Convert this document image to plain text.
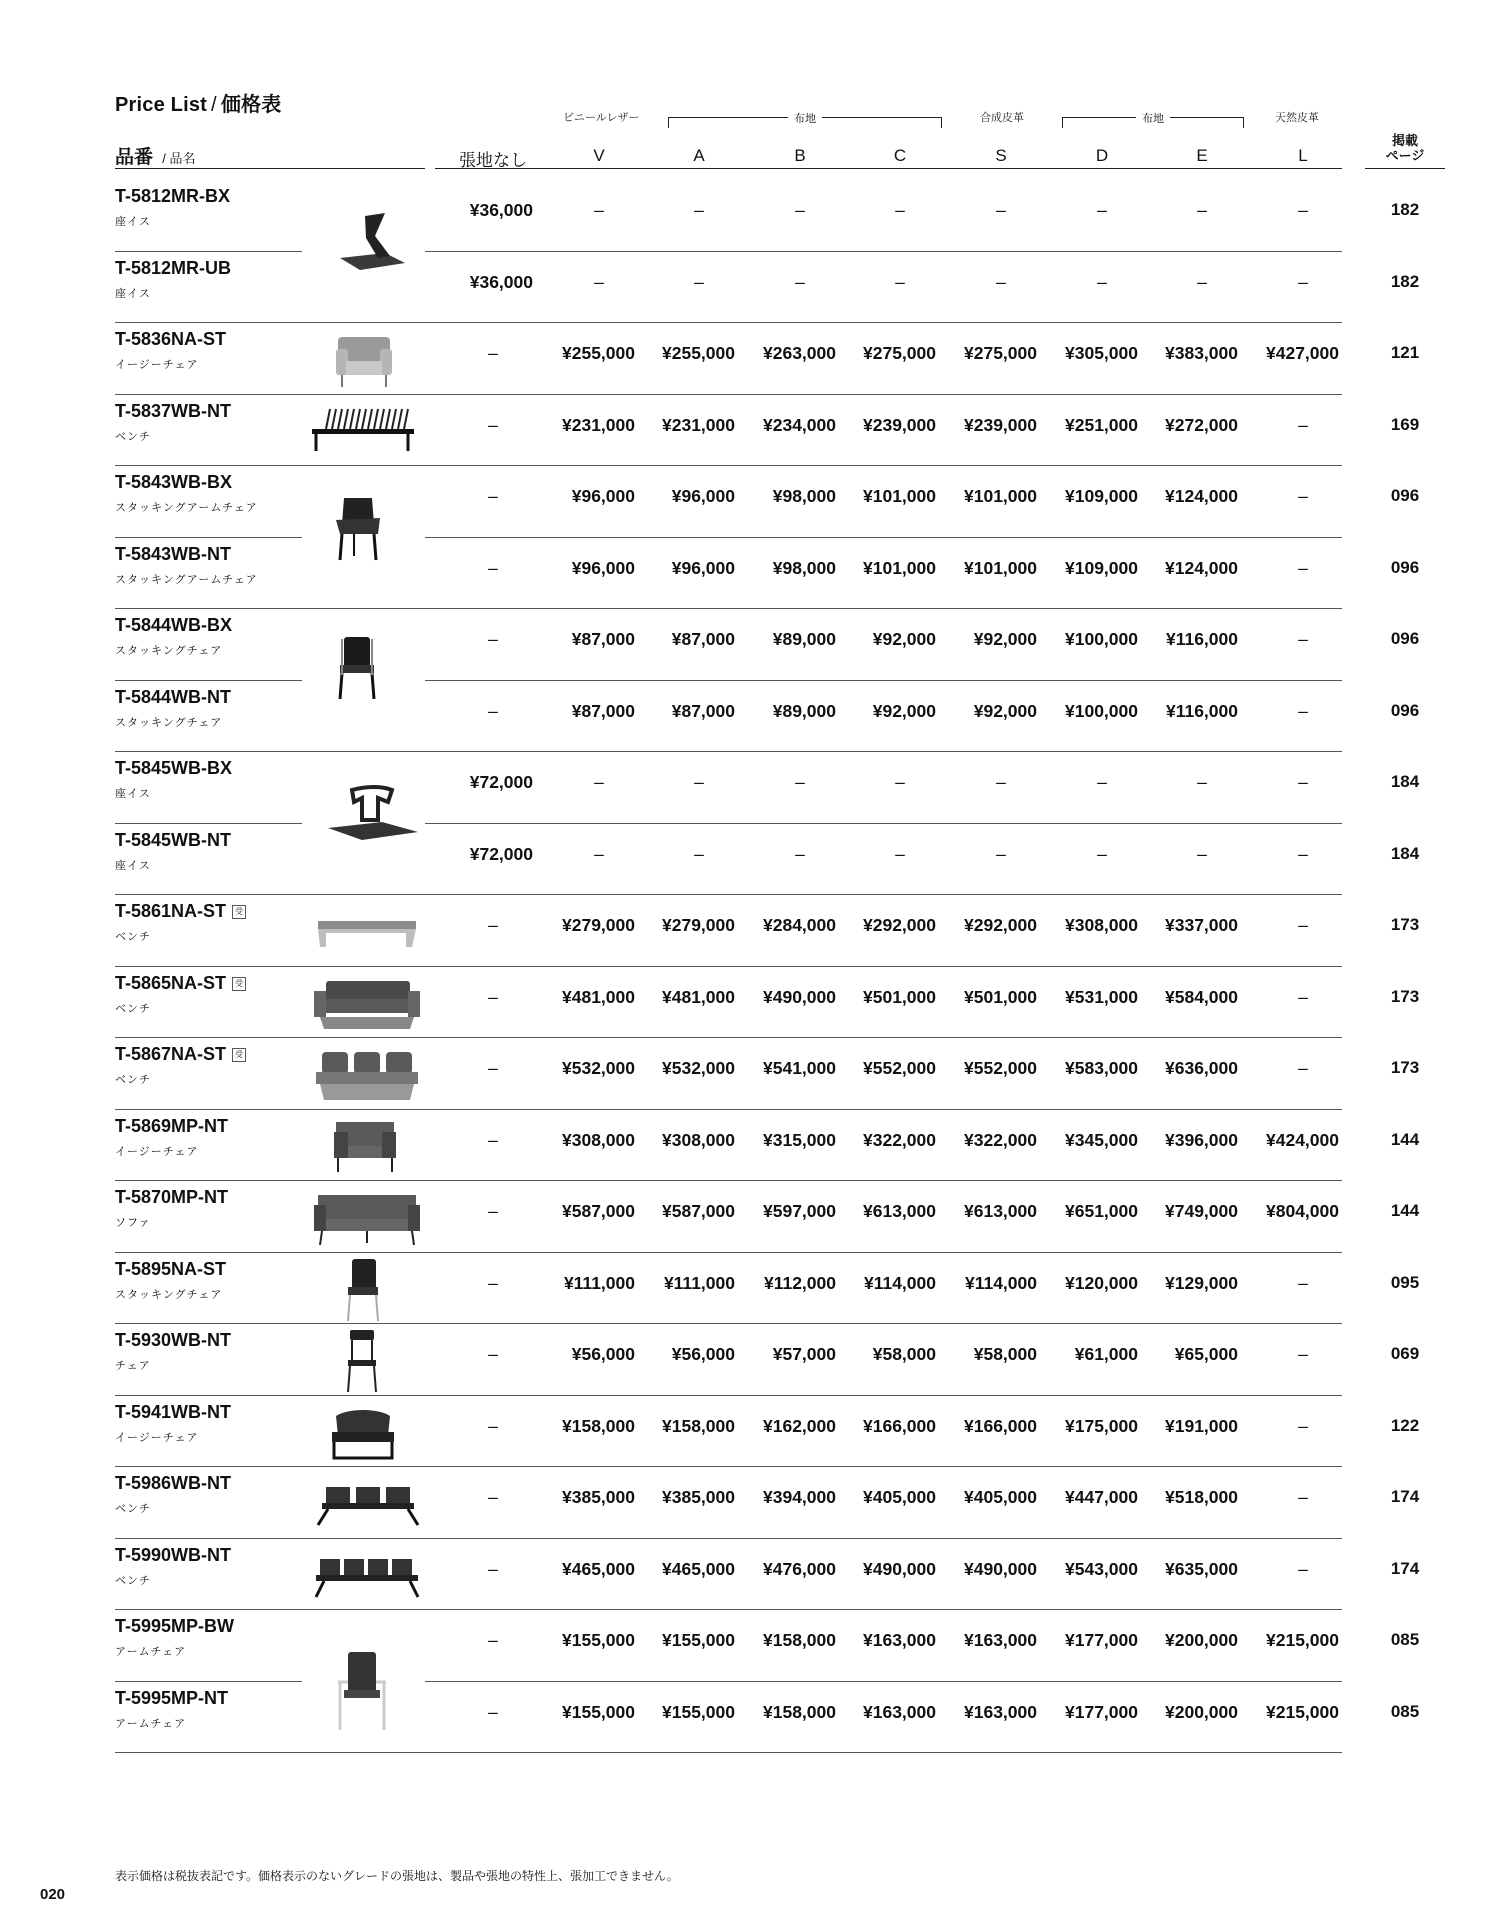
Price List / 価格表
ビニールレザー	布地	合成皮革	布地	天然皮革
品番 / 品名	張地なし	V	A	B	C	S	D	E	L
掲載
ページ
T-5812MR-BX
座イス
¥36,000	–	–	–	–	–	–	–	–	182
T-5812MR-UB
座イス
¥36,000	–	–	–	–	–	–	–	–	182
T-5836NA-ST
イージーチェア
–	¥255,000	¥255,000	¥263,000	¥275,000	¥275,000	¥305,000	¥383,000	¥427,000	121
T-5837WB-NT
ベンチ
–	¥231,000	¥231,000	¥234,000	¥239,000	¥239,000	¥251,000	¥272,000	–	169
T-5843WB-BX
スタッキングアームチェア
–	¥96,000	¥96,000	¥98,000	¥101,000	¥101,000	¥109,000	¥124,000	–	096
T-5843WB-NT
スタッキングアームチェア
–	¥96,000	¥96,000	¥98,000	¥101,000	¥101,000	¥109,000	¥124,000	–	096
T-5844WB-BX
スタッキングチェア
–	¥87,000	¥87,000	¥89,000	¥92,000	¥92,000	¥100,000	¥116,000	–	096
T-5844WB-NT
スタッキングチェア
–	¥87,000	¥87,000	¥89,000	¥92,000	¥92,000	¥100,000	¥116,000	–	096
T-5845WB-BX
座イス
¥72,000	–	–	–	–	–	–	–	–	184
T-5845WB-NT
座イス
¥72,000	–	–	–	–	–	–	–	–	184
T-5861NA-ST 受
ベンチ
–	¥279,000	¥279,000	¥284,000	¥292,000	¥292,000	¥308,000	¥337,000	–	173
T-5865NA-ST 受
ベンチ
–	¥481,000	¥481,000	¥490,000	¥501,000	¥501,000	¥531,000	¥584,000	–	173
T-5867NA-ST 受
ベンチ
–	¥532,000	¥532,000	¥541,000	¥552,000	¥552,000	¥583,000	¥636,000	–	173
T-5869MP-NT
イージーチェア
–	¥308,000	¥308,000	¥315,000	¥322,000	¥322,000	¥345,000	¥396,000	¥424,000	144
T-5870MP-NT
ソファ
–	¥587,000	¥587,000	¥597,000	¥613,000	¥613,000	¥651,000	¥749,000	¥804,000	144
T-5895NA-ST
スタッキングチェア
–	¥111,000	¥111,000	¥112,000	¥114,000	¥114,000	¥120,000	¥129,000	–	095
T-5930WB-NT
チェア
–	¥56,000	¥56,000	¥57,000	¥58,000	¥58,000	¥61,000	¥65,000	–	069
T-5941WB-NT
イージーチェア
–	¥158,000	¥158,000	¥162,000	¥166,000	¥166,000	¥175,000	¥191,000	–	122
T-5986WB-NT
ベンチ
–	¥385,000	¥385,000	¥394,000	¥405,000	¥405,000	¥447,000	¥518,000	–	174
T-5990WB-NT
ベンチ
–	¥465,000	¥465,000	¥476,000	¥490,000	¥490,000	¥543,000	¥635,000	–	174
T-5995MP-BW
アームチェア
–	¥155,000	¥155,000	¥158,000	¥163,000	¥163,000	¥177,000	¥200,000	¥215,000	085
T-5995MP-NT
アームチェア
–	¥155,000	¥155,000	¥158,000	¥163,000	¥163,000	¥177,000	¥200,000	¥215,000	085
表示価格は税抜表記です。価格表示のないグレードの張地は、製品や張地の特性上、張加工できません。
020
